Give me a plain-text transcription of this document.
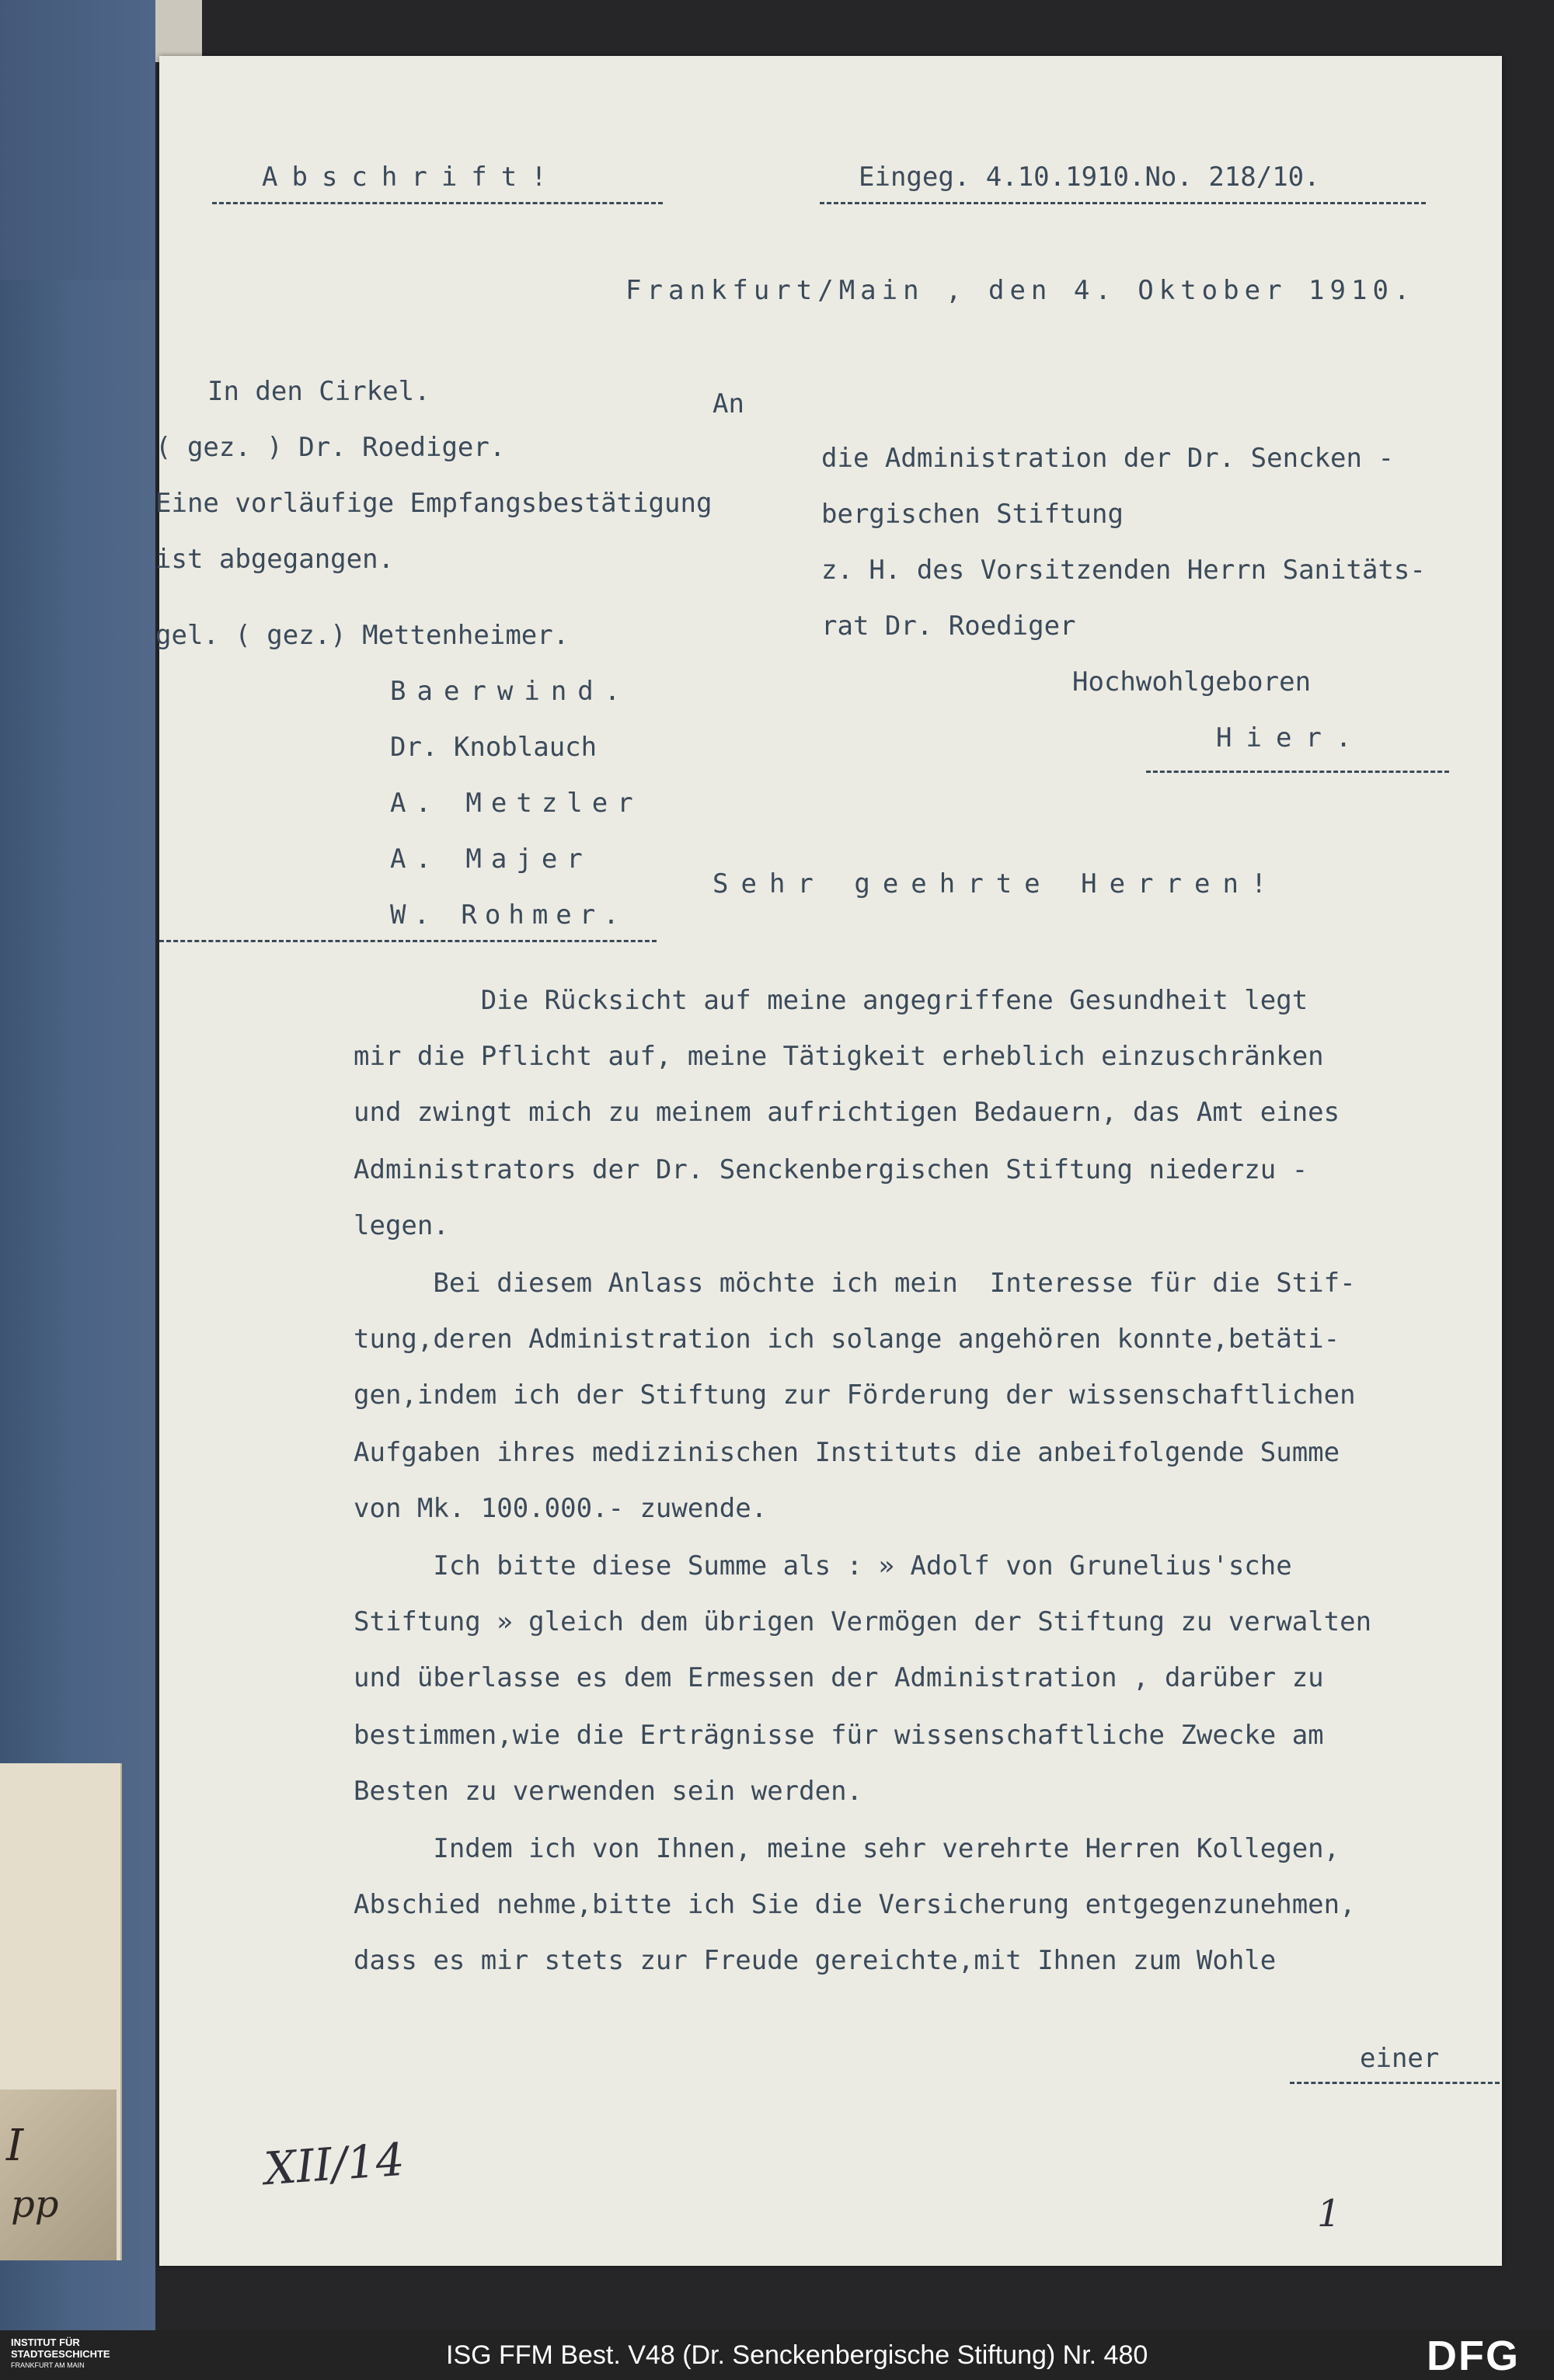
I
pp
Abschrift!	Eingeg. 4.10.1910.No. 218/10.
Frankfurt/Main , den 4. Oktober 1910.
In den Cirkel.
( gez. ) Dr. Roediger.
Eine vorläufige Empfangsbestätigung
ist abgegangen.
gel. ( gez.) Mettenheimer.
Baerwind.
Dr. Knoblauch
A. Metzler
A. Majer
W. Rohmer.
An
die Administration der Dr. Sencken -
bergischen Stiftung
z. H. des Vorsitzenden Herrn Sanitäts-
rat Dr. Roediger
Hochwohlgeboren
Hier.
Sehr geehrte Herren!
Die Rücksicht auf meine angegriffene Gesundheit legt
mir die Pflicht auf, meine Tätigkeit erheblich einzuschränken
und zwingt mich zu meinem aufrichtigen Bedauern, das Amt eines
Administrators der Dr. Senckenbergischen Stiftung niederzu -
legen.
Bei diesem Anlass möchte ich mein  Interesse für die Stif-
tung,deren Administration ich solange angehören konnte,betäti-
gen,indem ich der Stiftung zur Förderung der wissenschaftlichen
Aufgaben ihres medizinischen Instituts die anbeifolgende Summe
von Mk. 100.000.- zuwende.
Ich bitte diese Summe als : » Adolf von Grunelius'sche
Stiftung » gleich dem übrigen Vermögen der Stiftung zu verwalten
und überlasse es dem Ermessen der Administration , darüber zu
bestimmen,wie die Erträgnisse für wissenschaftliche Zwecke am
Besten zu verwenden sein werden.
Indem ich von Ihnen, meine sehr verehrte Herren Kollegen,
Abschied nehme,bitte ich Sie die Versicherung entgegenzunehmen,
dass es mir stets zur Freude gereichte,mit Ihnen zum Wohle
einer
XII/14
1
INSTITUT FÜR
STADTGESCHICHTE
FRANKFURT AM MAIN	ISG FFM Best. V48 (Dr. Senckenbergische Stiftung) Nr. 480	DFG
